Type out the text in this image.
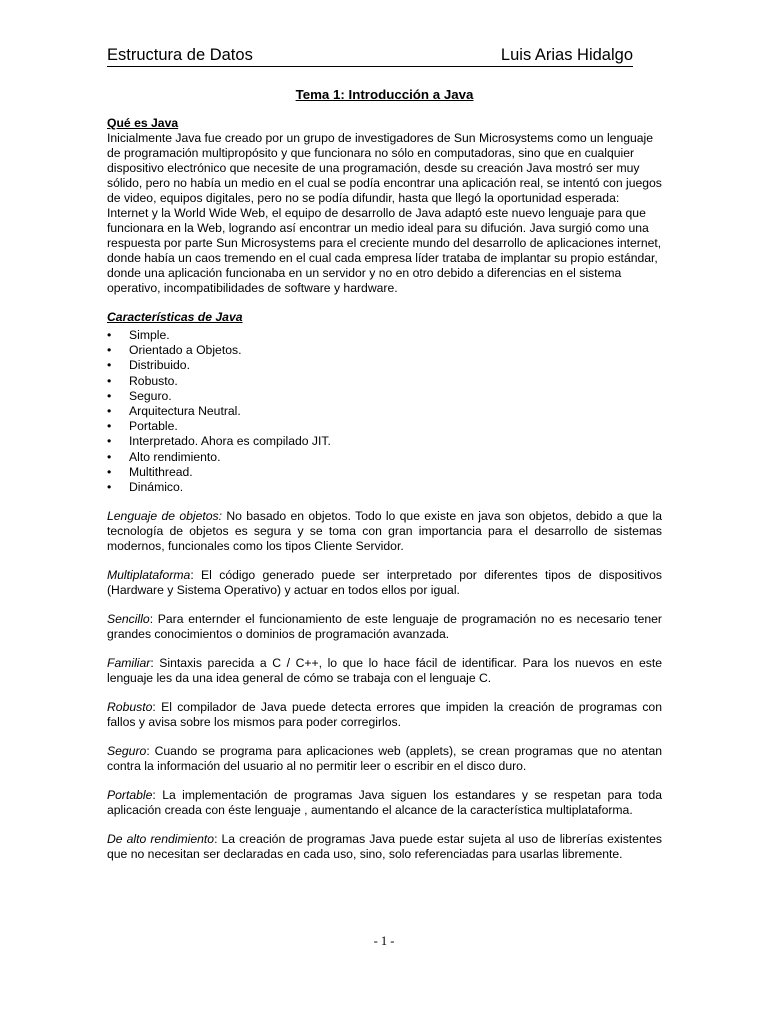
Estructura de Datos	Luis Arias Hidalgo
Tema 1: Introducción a Java
Qué es Java
Inicialmente Java fue creado por un grupo de investigadores de Sun Microsystems como un lenguaje de programación multipropósito y que funcionara no sólo en computadoras, sino que en cualquier dispositivo electrónico que necesite de una programación, desde su creación Java mostró ser muy sólido, pero no había un medio en el cual se podía encontrar una aplicación real, se intentó con juegos de video, equipos digitales, pero no se podía difundir, hasta que llegó la oportunidad esperada: Internet y la World Wide Web, el equipo de desarrollo de Java adaptó este nuevo lenguaje para que funcionara en la Web, logrando así encontrar un medio ideal para su difución. Java surgió como una respuesta por parte Sun Microsystems para el creciente mundo del desarrollo de aplicaciones internet, donde había un caos tremendo en el cual cada empresa líder trataba de implantar su propio estándar, donde una aplicación funcionaba en un servidor y no en otro debido a diferencias en el sistema operativo, incompatibilidades de software y hardware.
Características de Java
• Simple.
• Orientado a Objetos.
• Distribuido.
• Robusto.
• Seguro.
• Arquitectura Neutral.
• Portable.
• Interpretado. Ahora es compilado JIT.
• Alto rendimiento.
• Multithread.
• Dinámico.

Lenguaje de objetos: No basado en objetos. Todo lo que existe en java son objetos, debido a que la tecnología de objetos es segura y se toma con gran importancia para el desarrollo de sistemas modernos, funcionales como los tipos Cliente Servidor.

Multiplataforma: El código generado puede ser interpretado por diferentes tipos de dispositivos (Hardware y Sistema Operativo) y actuar en todos ellos por igual.

Sencillo: Para enternder el funcionamiento de este lenguaje de programación no es necesario tener grandes conocimientos o dominios de programación avanzada.

Familiar: Sintaxis parecida a C / C++, lo que lo hace fácil de identificar. Para los nuevos en este lenguaje les da una idea general de cómo se trabaja con el lenguaje C.

Robusto: El compilador de Java puede detecta errores que impiden la creación de programas con fallos y avisa sobre los mismos para poder corregirlos.

Seguro: Cuando se programa para aplicaciones web (applets), se crean programas que no atentan contra la información del usuario al no permitir leer o escribir en el disco duro.

Portable: La implementación de programas Java siguen los estandares y se respetan para toda aplicación creada con éste lenguaje , aumentando el alcance de la característica multiplataforma.

De alto rendimiento: La creación de programas Java puede estar sujeta al uso de librerías existentes que no necesitan ser declaradas en cada uso, sino, solo referenciadas para usarlas libremente.

- 1 -
